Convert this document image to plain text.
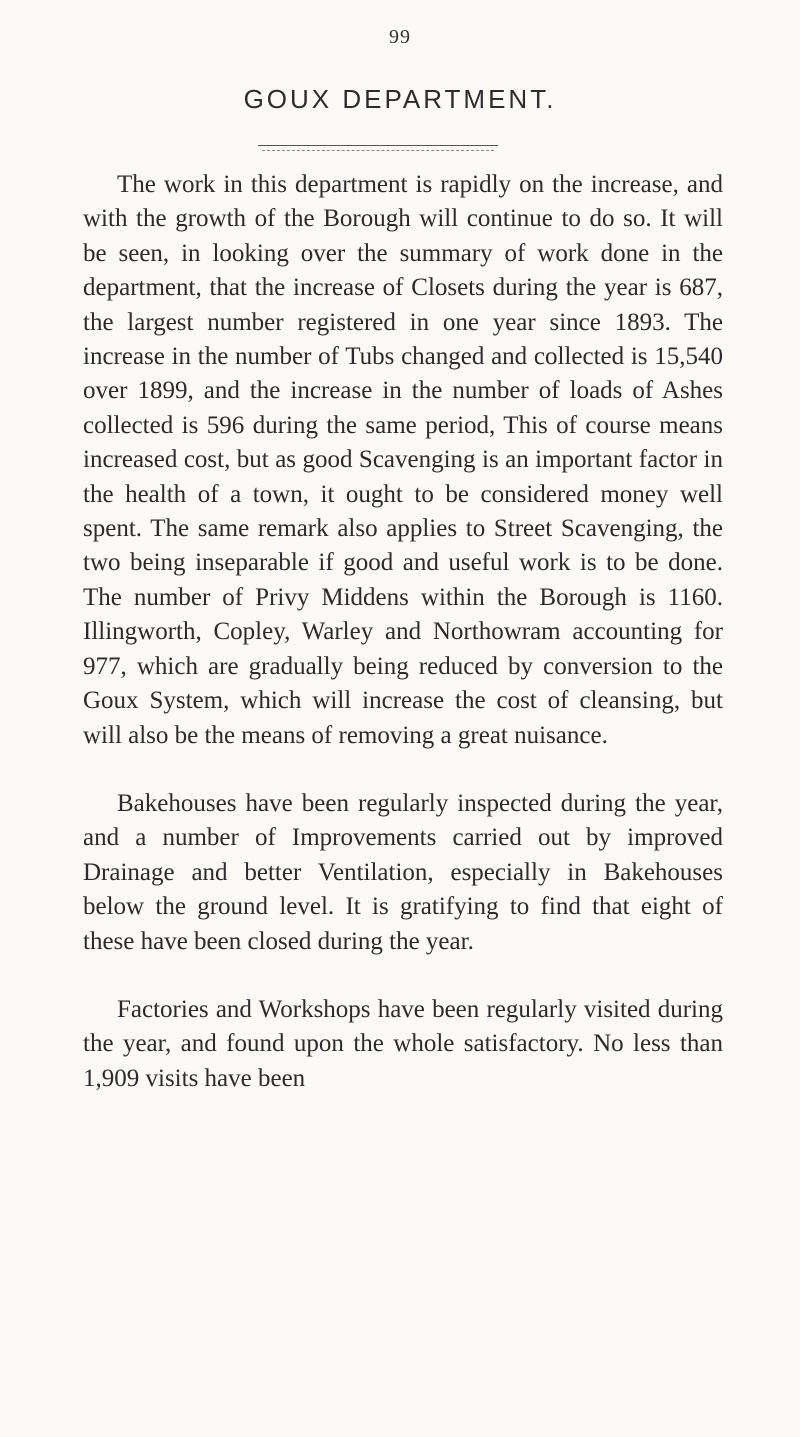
99
GOUX DEPARTMENT.

The work in this department is rapidly on the increase, and with the growth of the Borough will continue to do so. It will be seen, in looking over the summary of work done in the department, that the increase of Closets during the year is 687, the largest number registered in one year since 1893. The increase in the number of Tubs changed and collected is 15,540 over 1899, and the increase in the number of loads of Ashes collected is 596 during the same period, This of course means increased cost, but as good Scavenging is an important factor in the health of a town, it ought to be considered money well spent. The same remark also applies to Street Scavenging, the two being inseparable if good and useful work is to be done. The number of Privy Middens within the Borough is 1160. Illingworth, Copley, Warley and Northowram accounting for 977, which are gradually being reduced by conversion to the Goux System, which will increase the cost of cleansing, but will also be the means of removing a great nuisance.

Bakehouses have been regularly inspected during the year, and a number of Improvements carried out by improved Drainage and better Ventilation, especially in Bakehouses below the ground level. It is gratifying to find that eight of these have been closed during the year.

Factories and Workshops have been regularly visited during the year, and found upon the whole satisfactory. No less than 1,909 visits have been
